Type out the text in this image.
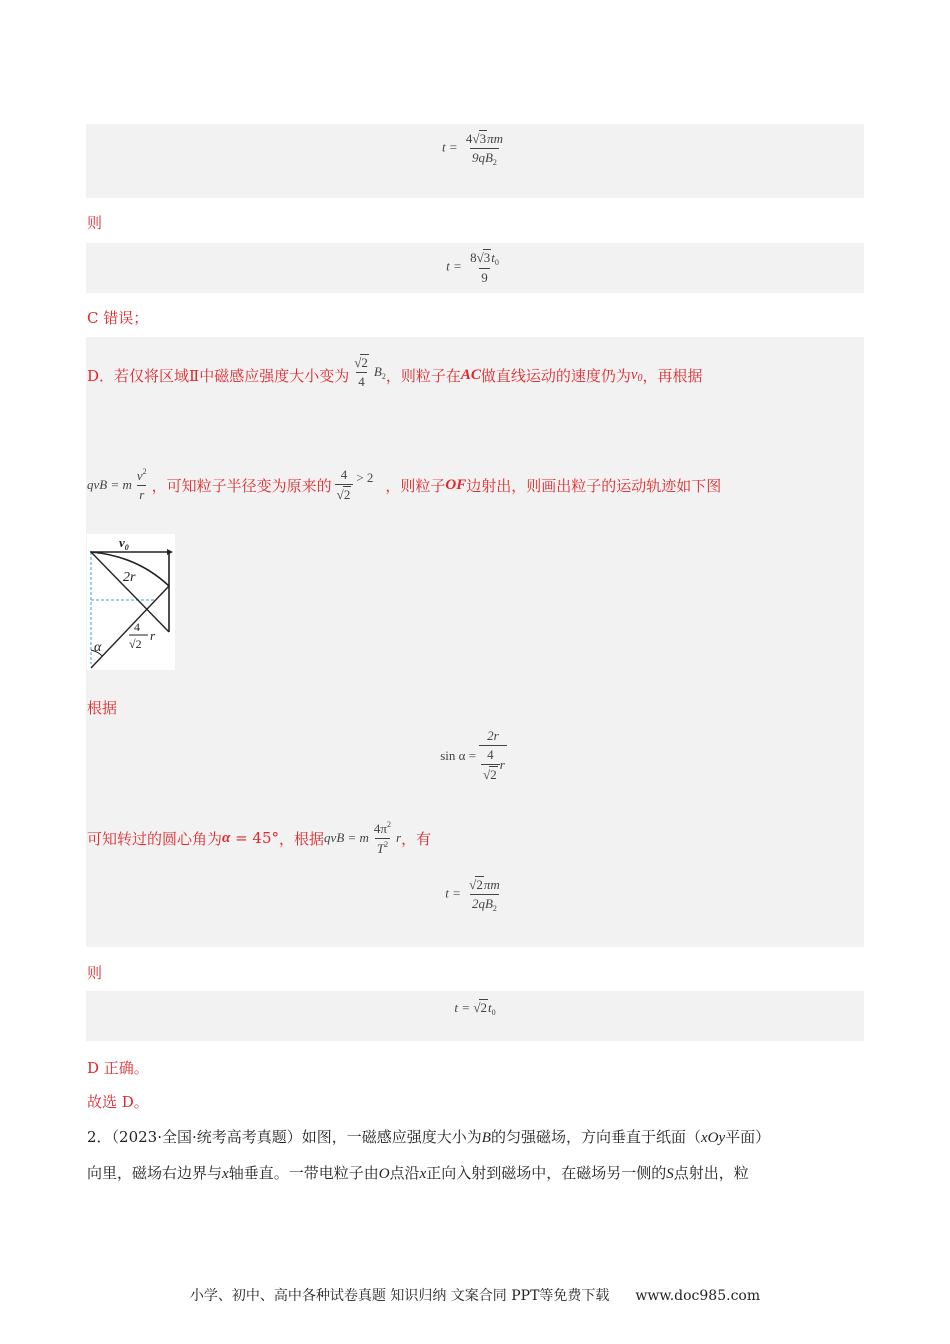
$t = \frac{4√3\pi m}{9qB_2}$
则
$t = \frac{8√3t_0}{9}$
C 错误；
D．若仅将区域Ⅱ中磁感应强度大小变为 $\frac{√2}{4} B_2$ ，则粒子在 AC 做直线运动的速度仍为 v0 ，再根据
qvB = m $\frac{v^2}{r}$ ，可知粒子半径变为原来的 $\frac{4}{√2} > 2$ ，则粒子 OF 边射出，则画出粒子的运动轨迹如下图
$v_0$
2r
4
√2
r
α
根据
$\sin \alpha = \frac{2r}{\frac{4}{√2} r}$
可知转过的圆心角为 α = 45° ，根据 qvB = m $\frac{4\pi^2}{T^2}$ r ，有
$t = \frac{√2\pi m}{2qB_2}$
则
$t = √2t_0$
D 正确。
故选 D。
2．（2023·全国·统考高考真题）如图，一磁感应强度大小为B的匀强磁场，方向垂直于纸面（xOy平面）
向里，磁场右边界与x轴垂直。一带电粒子由O点沿x正向入射到磁场中，在磁场另一侧的S点射出，粒
小学、初中、高中各种试卷真题 知识归纳 文案合同 PPT等免费下载 www.doc985.com
